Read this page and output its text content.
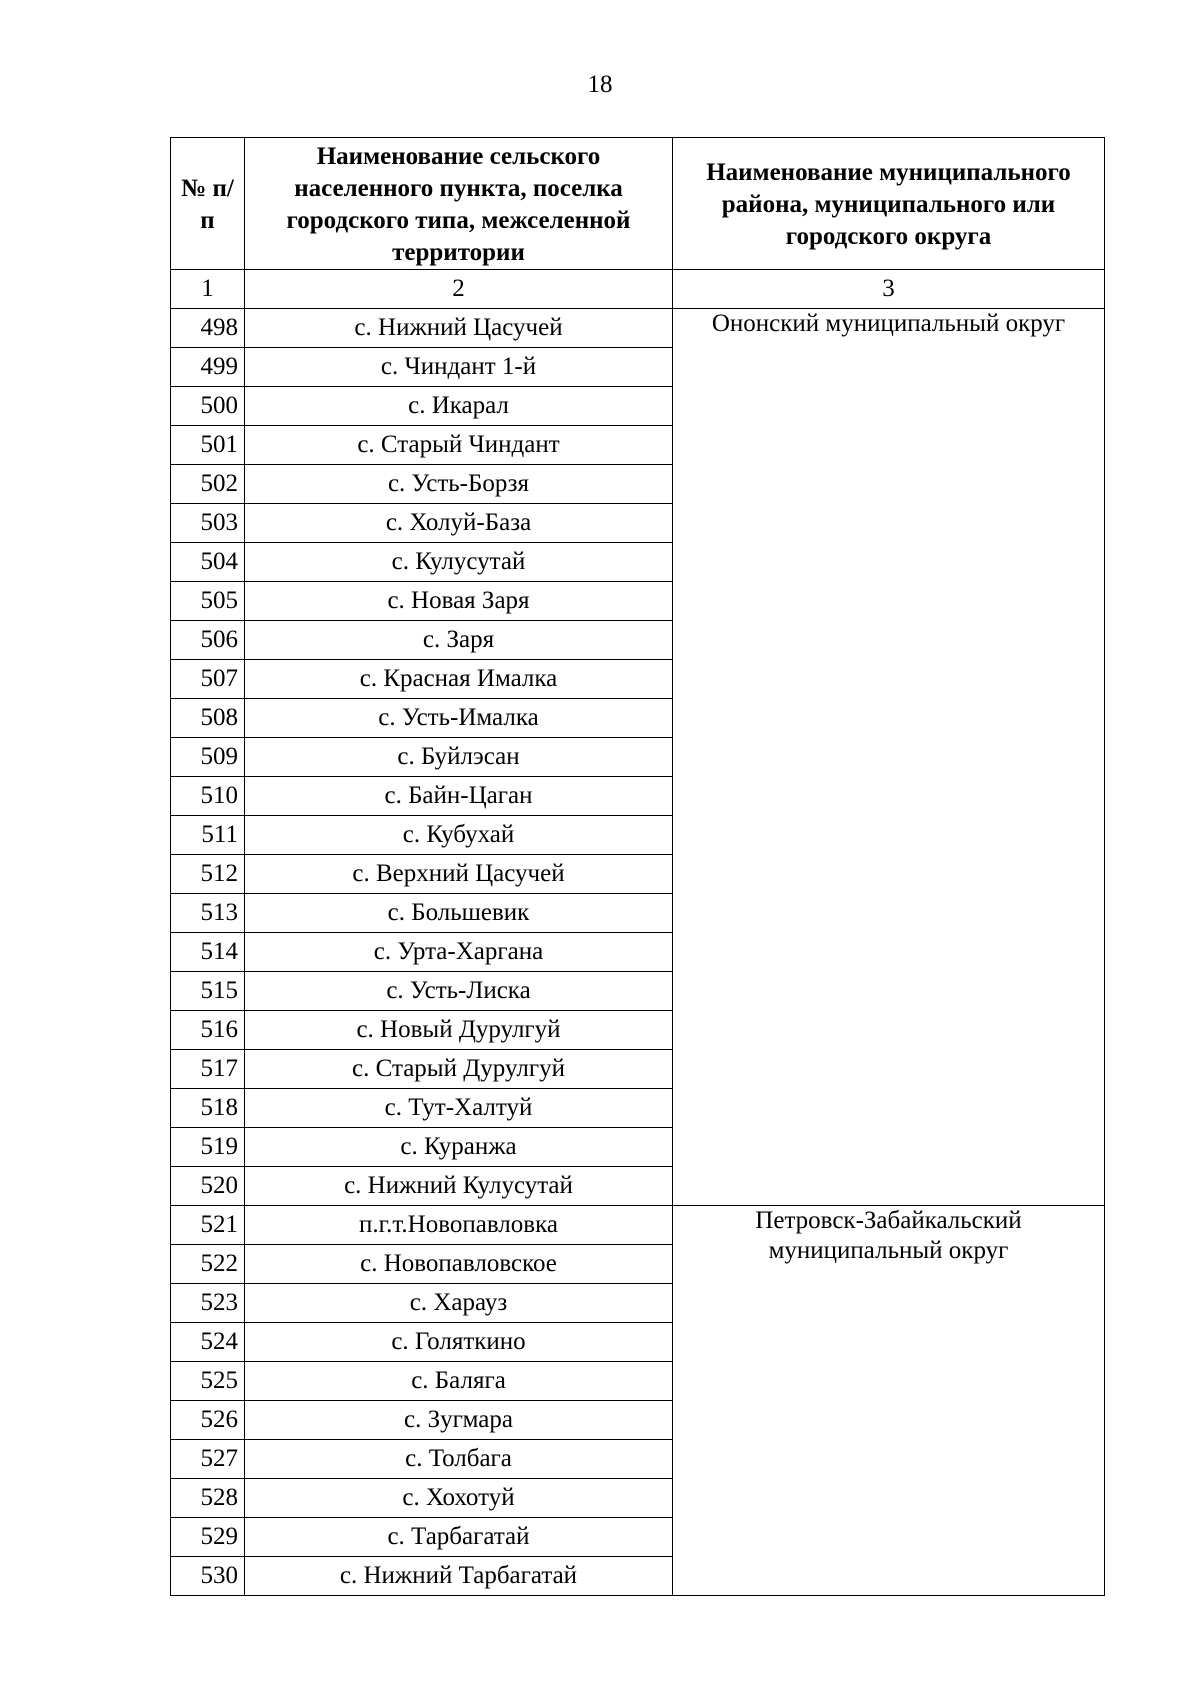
18
№ п/п	Наименование сельского населенного пункта, поселка городского типа, межселенной территории	Наименование муниципального района, муниципального или городского округа
1	2	3
498	с. Нижний Цасучей	Ононский муниципальный округ
499	с. Чиндант 1-й	
500	с. Икарал	
501	с. Старый Чиндант	
502	с. Усть-Борзя	
503	с. Холуй-База	
504	с. Кулусутай	
505	с. Новая Заря	
506	с. Заря	
507	с. Красная Ималка	
508	с. Усть-Ималка	
509	с. Буйлэсан	
510	с. Байн-Цаган	
511	с. Кубухай	
512	с. Верхний Цасучей	
513	с. Большевик	
514	с. Урта-Харгана	
515	с. Усть-Лиска	
516	с. Новый Дурулгуй	
517	с. Старый Дурулгуй	
518	с. Тут-Халтуй	
519	с. Куранжа	
520	с. Нижний Кулусутай	
521	п.г.т.Новопавловка	Петровск-Забайкальский муниципальный округ
522	с. Новопавловское	
523	с. Харауз	
524	с. Голяткино	
525	с. Баляга	
526	с. Зугмара	
527	с. Толбага	
528	с. Хохотуй	
529	с. Тарбагатай	
530	с. Нижний Тарбагатай	
